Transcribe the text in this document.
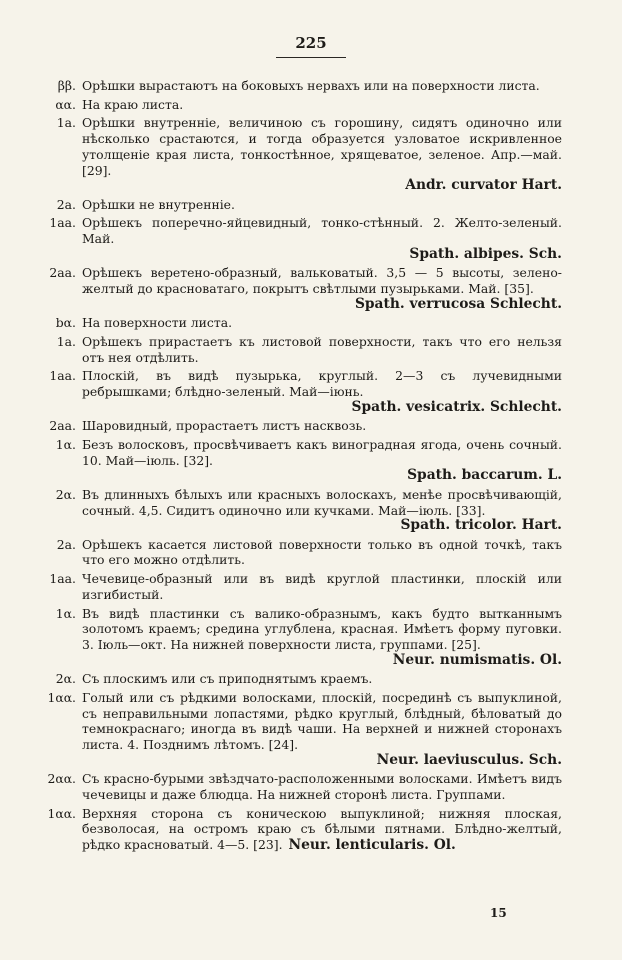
225
ββ. Орѣшки вырастаютъ на боковыхъ нервахъ или на поверхности листа.
αα. На краю листа.
1а. Орѣшки внутренніе, величиною съ горошину, сидятъ одиночно или нѣсколько срастаются, и тогда образуется узловатое искривленное утолщеніе края листа, тонкостѣнное, хрящеватое, зеленое. Апр.—май. [29].
Andr. curvator Hart.
2а. Орѣшки не внутренніе.
1аа. Орѣшекъ поперечно-яйцевидный, тонко-стѣнный. 2. Желто-зеленый. Май.
Spath. albipes. Sch.
2аа. Орѣшекъ веретено-образный, вальковатый. 3,5 — 5 высоты, зелено-желтый до красноватаго, покрытъ свѣтлыми пузырьками. Май. [35].
Spath. verrucosa Schlecht.
bα. На поверхности листа.
1а. Орѣшекъ прирастаетъ къ листовой поверхности, такъ что его нельзя отъ нея отдѣлить.
1аа. Плоскій, въ видѣ пузырька, круглый. 2—3 съ лучевидными ребрышками; блѣдно-зеленый. Май—іюнь.
Spath. vesicatrix. Schlecht.
2аа. Шаровидный, прорастаетъ листъ насквозь.
1α. Безъ волосковъ, просвѣчиваетъ какъ виноградная ягода, очень сочный. 10. Май—іюль. [32].
Spath. baccarum. L.
2α. Въ длинныхъ бѣлыхъ или красныхъ волоскахъ, менѣе просвѣчивающій, сочный. 4,5. Сидитъ одиночно или кучками. Май—іюль. [33].
Spath. tricolor. Hart.
2а. Орѣшекъ касается листовой поверхности только въ одной точкѣ, такъ что его можно отдѣлить.
1аа. Чечевице-образный или въ видѣ круглой пластинки, плоскій или изгибистый.
1α. Въ видѣ пластинки съ валико-образнымъ, какъ будто вытканнымъ золотомъ краемъ; средина углублена, красная. Имѣетъ форму пуговки. 3. Іюль—окт. На нижней поверхности листа, группами. [25].
Neur. numismatis. Ol.
2α. Съ плоскимъ или съ приподнятымъ краемъ.
1αα. Голый или съ рѣдкими волосками, плоскій, посрединѣ съ выпуклиной, съ неправильными лопастями, рѣдко круглый, блѣдный, бѣловатый до темнокраснаго; иногда въ видѣ чаши. На верхней и нижней сторонахъ листа. 4. Позднимъ лѣтомъ. [24].
Neur. laeviusculus. Sch.
2αα. Съ красно-бурыми звѣздчато-расположенными волосками. Имѣетъ видъ чечевицы и даже блюдца. На нижней сторонѣ листа. Группами.
1αα. Верхняя сторона съ коническою выпуклиной; нижняя плоская, безволосая, на остромъ краю съ бѣлыми пятнами. Блѣдно-желтый, рѣдко красноватый. 4—5. [23]. Neur. lenticularis. Ol.
15
